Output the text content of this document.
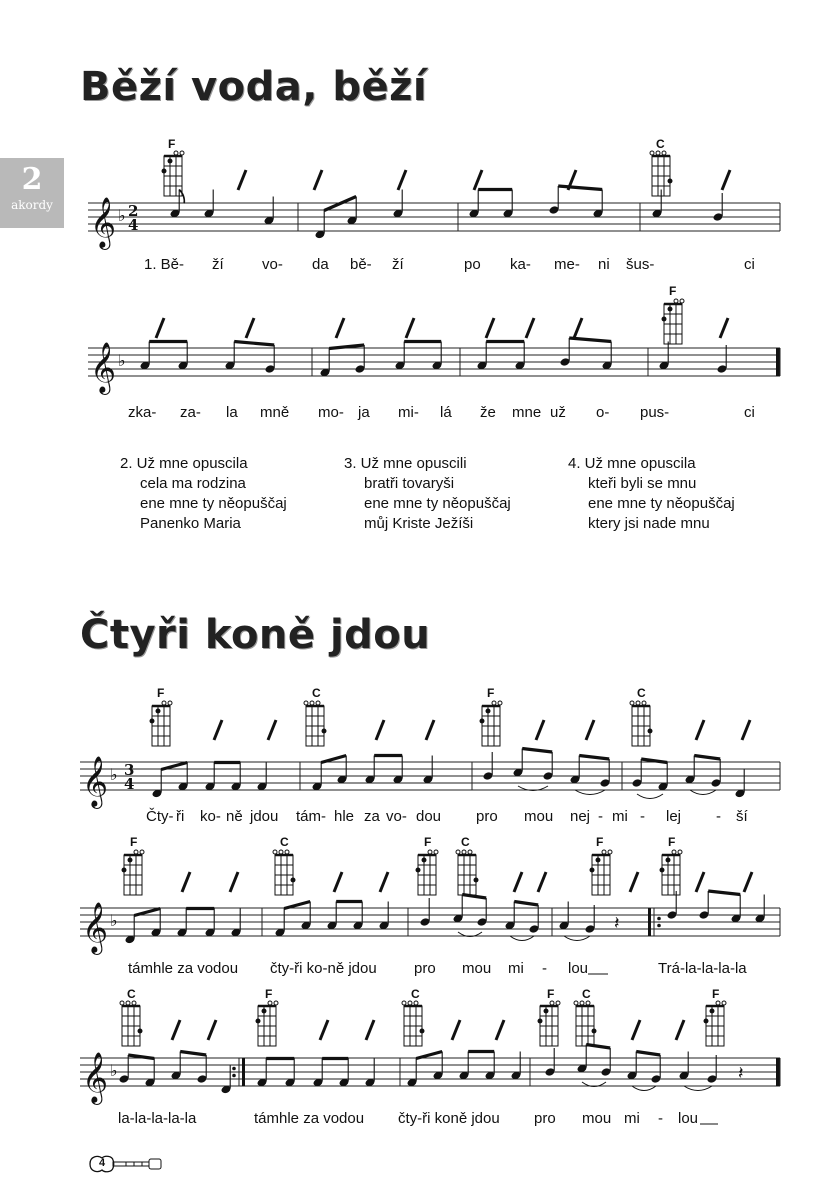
2
akordy
Běží voda, běží
Čtyři koně jdou
F	C
F
F	C	F	C
F	C	F C	F	F
C	F	C	F C	F
1. Bě- ží	vo- da bě- ží	po ka- me- ni šus-	ci
zka- za- la mně mo- ja mi- lá že mne už o- pus-	ci
Čty- ři ko- ně jdou tám- hle za vo- dou pro mou nej - mi - lej - ší
támhle za vodou čty-ři ko-ně jdou pro mou mi - lou	Trá-la-la-la-la
la-la-la-la-la	támhle za vodou čty-ři koně jdou pro mou mi - lou
2. Už mne opuscila
cela ma rodzina
ene mne ty něopuščaj
Panenko Maria
3. Už mne opuscili
bratři tovaryši
ene mne ty něopuščaj
můj Kriste Ježíši
4. Už mne opuscila
kteři byli se mnu
ene mne ty něopuščaj
ktery jsi nade mnu
𝄞 ♭ 2
4
𝄞 ♭
𝄞 ♭ 3
4
𝄞 ♭	𝄽
𝄞 ♭	𝄽
4
